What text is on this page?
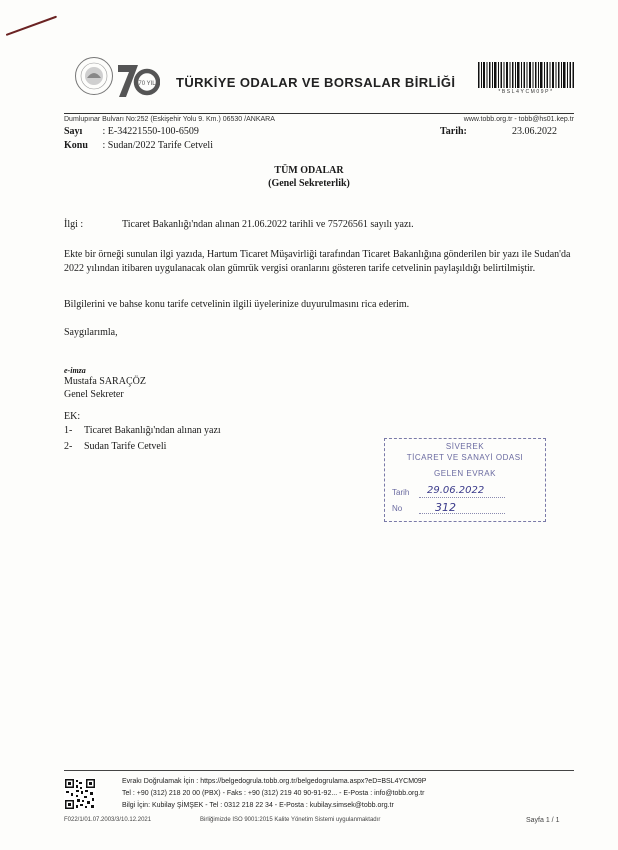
70 YIL TÜRKİYE ODALAR VE BORSALAR BİRLİĞİ
*BSL4YCM09P*
Dumlupınar Bulvarı No:252 (Eskişehir Yolu 9. Km.) 06530 /ANKARA	www.tobb.org.tr - tobb@hs01.kep.tr
Sayı : E-34221550-100-6509
Konu : Sudan/2022 Tarife Cetveli
Tarih:	23.06.2022
TÜM ODALAR
(Genel Sekreterlik)
İlgi :	Ticaret Bakanlığı'ndan alınan 21.06.2022 tarihli ve 75726561 sayılı yazı.
Ekte bir örneği sunulan ilgi yazıda, Hartum Ticaret Müşavirliği tarafından Ticaret Bakanlığına gönderilen bir yazı ile Sudan'da 2022 yılından itibaren uygulanacak olan gümrük vergisi oranlarını gösteren tarife cetvelinin paylaşıldığı belirtilmiştir.
Bilgilerini ve bahse konu tarife cetvelinin ilgili üyelerinize duyurulmasını rica ederim.
Saygılarımla,
e-imza
Mustafa SARAÇÖZ
Genel Sekreter
EK:
1- Ticaret Bakanlığı'ndan alınan yazı
2- Sudan Tarife Cetveli	SİVEREK
TİCARET VE SANAYİ ODASI
GELEN EVRAK
Tarih 29.06.2022
No	312
Evrakı Doğrulamak İçin : https://belgedogrula.tobb.org.tr/belgedogrulama.aspx?eD=BSL4YCM09P
Tel : +90 (312) 218 20 00 (PBX) - Faks : +90 (312) 219 40 90-91-92... - E-Posta : info@tobb.org.tr
Bilgi İçin: Kubilay ŞİMŞEK - Tel : 0312 218 22 34 - E-Posta : kubilay.simsek@tobb.org.tr
F022/1/01.07.2003/3/10.12.2021	Birliğimizde ISO 9001:2015 Kalite Yönetim Sistemi uygulanmaktadır	Sayfa 1 / 1
